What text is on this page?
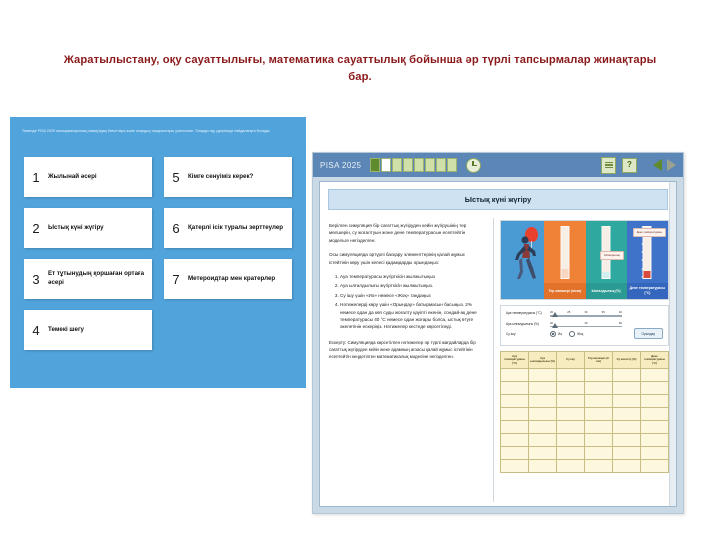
Жаратылыстану, оқу сауаттылығы, математика сауаттылық бойынша әр түрлі тапсырмалар жинақтары бар.
Төменде PISA 2025 тапсырмаларының мазмұндық бағыттары және олардың тақырыптары ұсынылған. Оларды оқу үдерісінде пайдалануға болады.
1	Жылынай әсері
2	Ыстық күні жүгіру
3	Ет тұтынудың қоршаған ортаға әсері
4	Темекі шегу
5	Кімге сенуіміз керек?
6	Қатерлі ісік туралы зерттеулер
7	Метероидтар мен кратерлер
PISA 2025	?
Ыстық күні жүгіру

Берілген симуляция бір сағаттық жүгіруден кейін жүгірушінің тер мөлшерін, су жоғалтуын және дене температурасын есептейтін модельге негізделген.

Осы симуляцияда әртүрлі басқару элементтерінің қалай жұмыс істейтінін көру үшін келесі қадамдарды орындаңыз:

1. Ауа температурасы жүгірткісін жылжытыңыз
2. Ауа ылғалдылығы жүгірткісін жылжытыңыз.
3. Су ішу үшін «Иә» немесе «Жоқ» таңдаңыз
4. Нәтижелерді көру үшін «Орындау» батырмасын басыңыз. 2% немесе одан да көп суды жоғалту қауіпті екенін, сондай-ақ дене температурасы 40 °C немесе одан жоғары болса, ыстық өтуге әкелетінін ескеріңіз. Нәтижелер кестеде көрсетіледі.
Ескерту: Симуляцияда көрсетілген нәтижелер әр түрлі жағдайларда бір сағаттық жүгіруден кейін жеке адамның ағзасы қалай жұмыс істейтінін есептейтін кеңдетілген математикалық моделіне негізделген.
Тер мөлшері (л/сағ)
Ылғалдылық
Ылғалдылық (%)
Дене температурасы
Дене температурасы (°C)
Ауа температурасы (°C)	20	25	30	35	40
Ауа ылғалдылығы (%)	20	40	60
Су ішу	Иә	Жоқ	Орындау
Ауа температурасы (°C)	Ауа ылғалдылығы (%)	Су ішу	Тер мөлшері (л/сағ)	Су жоғалту (%)	Дене температурасы (°C)
